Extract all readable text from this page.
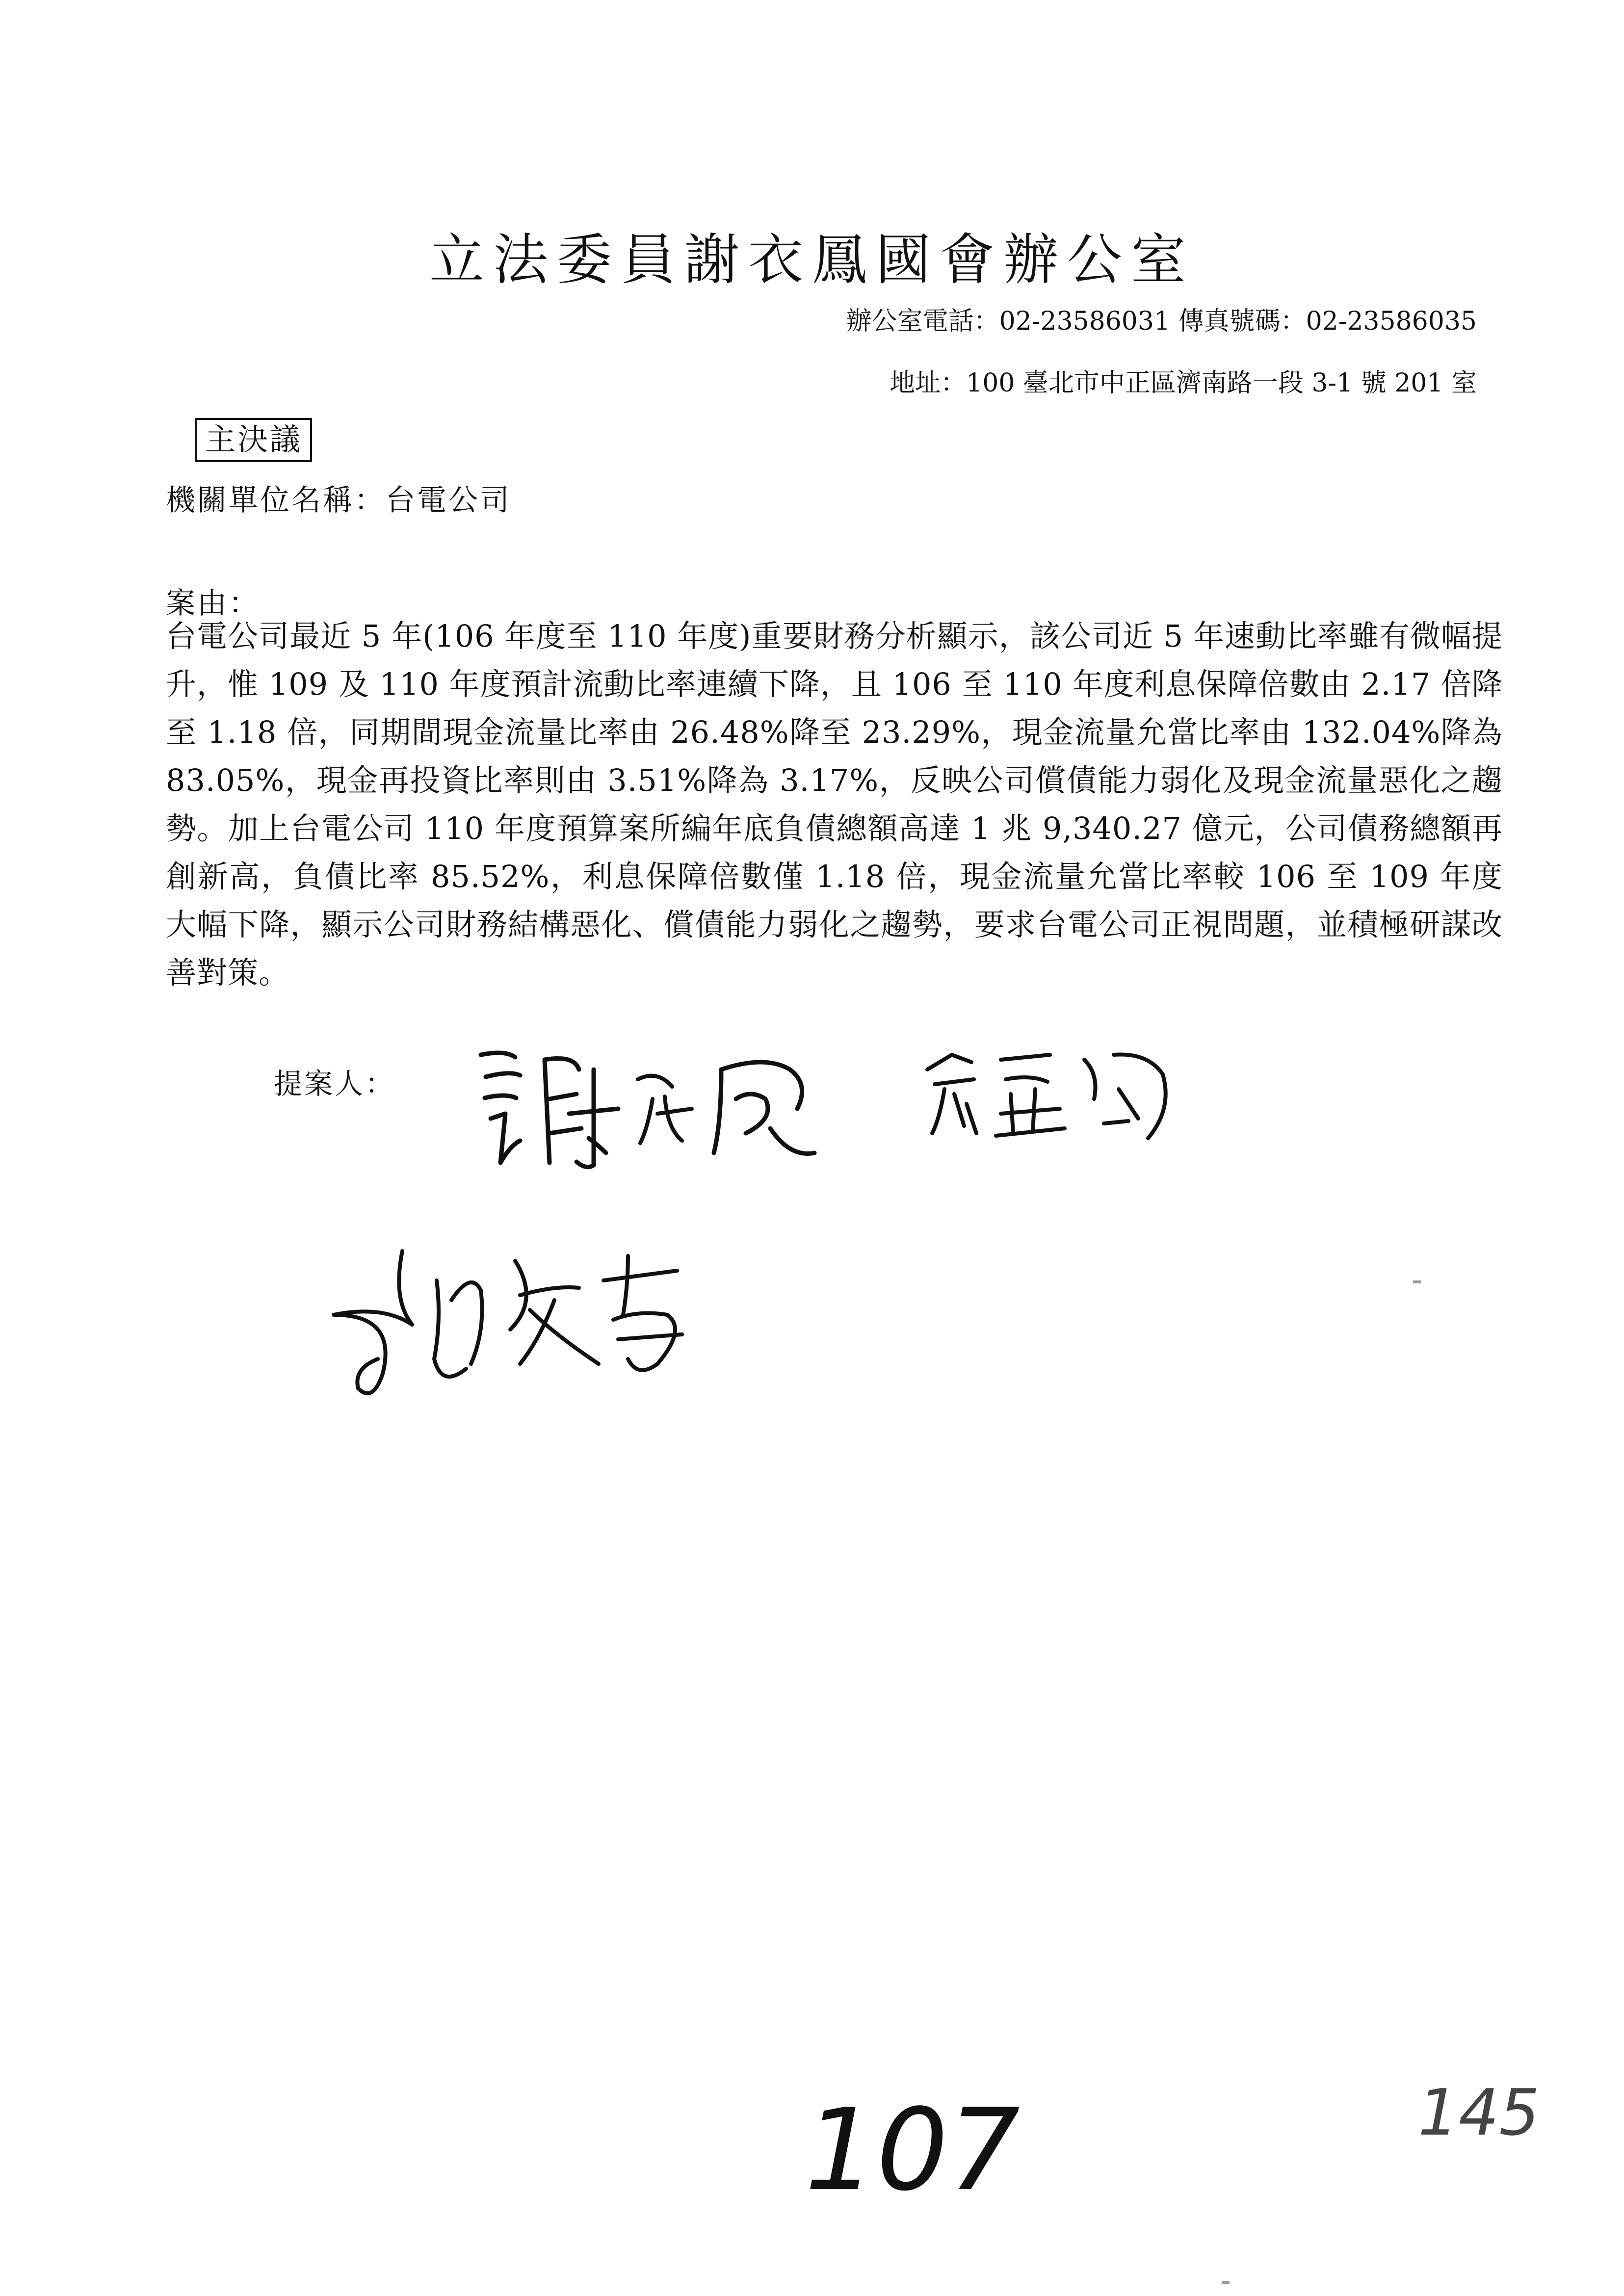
立法委員謝衣鳳國會辦公室
辦公室電話：02-23586031 傳真號碼：02-23586035
地址：100 臺北市中正區濟南路一段 3-1 號 201 室
主決議
機關單位名稱：台電公司
案由：
台電公司最近 5 年(106 年度至 110 年度)重要財務分析顯示，該公司近 5 年速動比率雖有微幅提升，惟 109 及 110 年度預計流動比率連續下降，且 106 至 110 年度利息保障倍數由 2.17 倍降至 1.18 倍，同期間現金流量比率由 26.48%降至 23.29%，現金流量允當比率由 132.04%降為 83.05%，現金再投資比率則由 3.51%降為 3.17%，反映公司償債能力弱化及現金流量惡化之趨勢。加上台電公司 110 年度預算案所編年底負債總額高達 1 兆 9,340.27 億元，公司債務總額再創新高，負債比率 85.52%，利息保障倍數僅 1.18 倍，現金流量允當比率較 106 至 109 年度大幅下降，顯示公司財務結構惡化、償債能力弱化之趨勢，要求台電公司正視問題，並積極研謀改善對策。
提案人：
107	145
